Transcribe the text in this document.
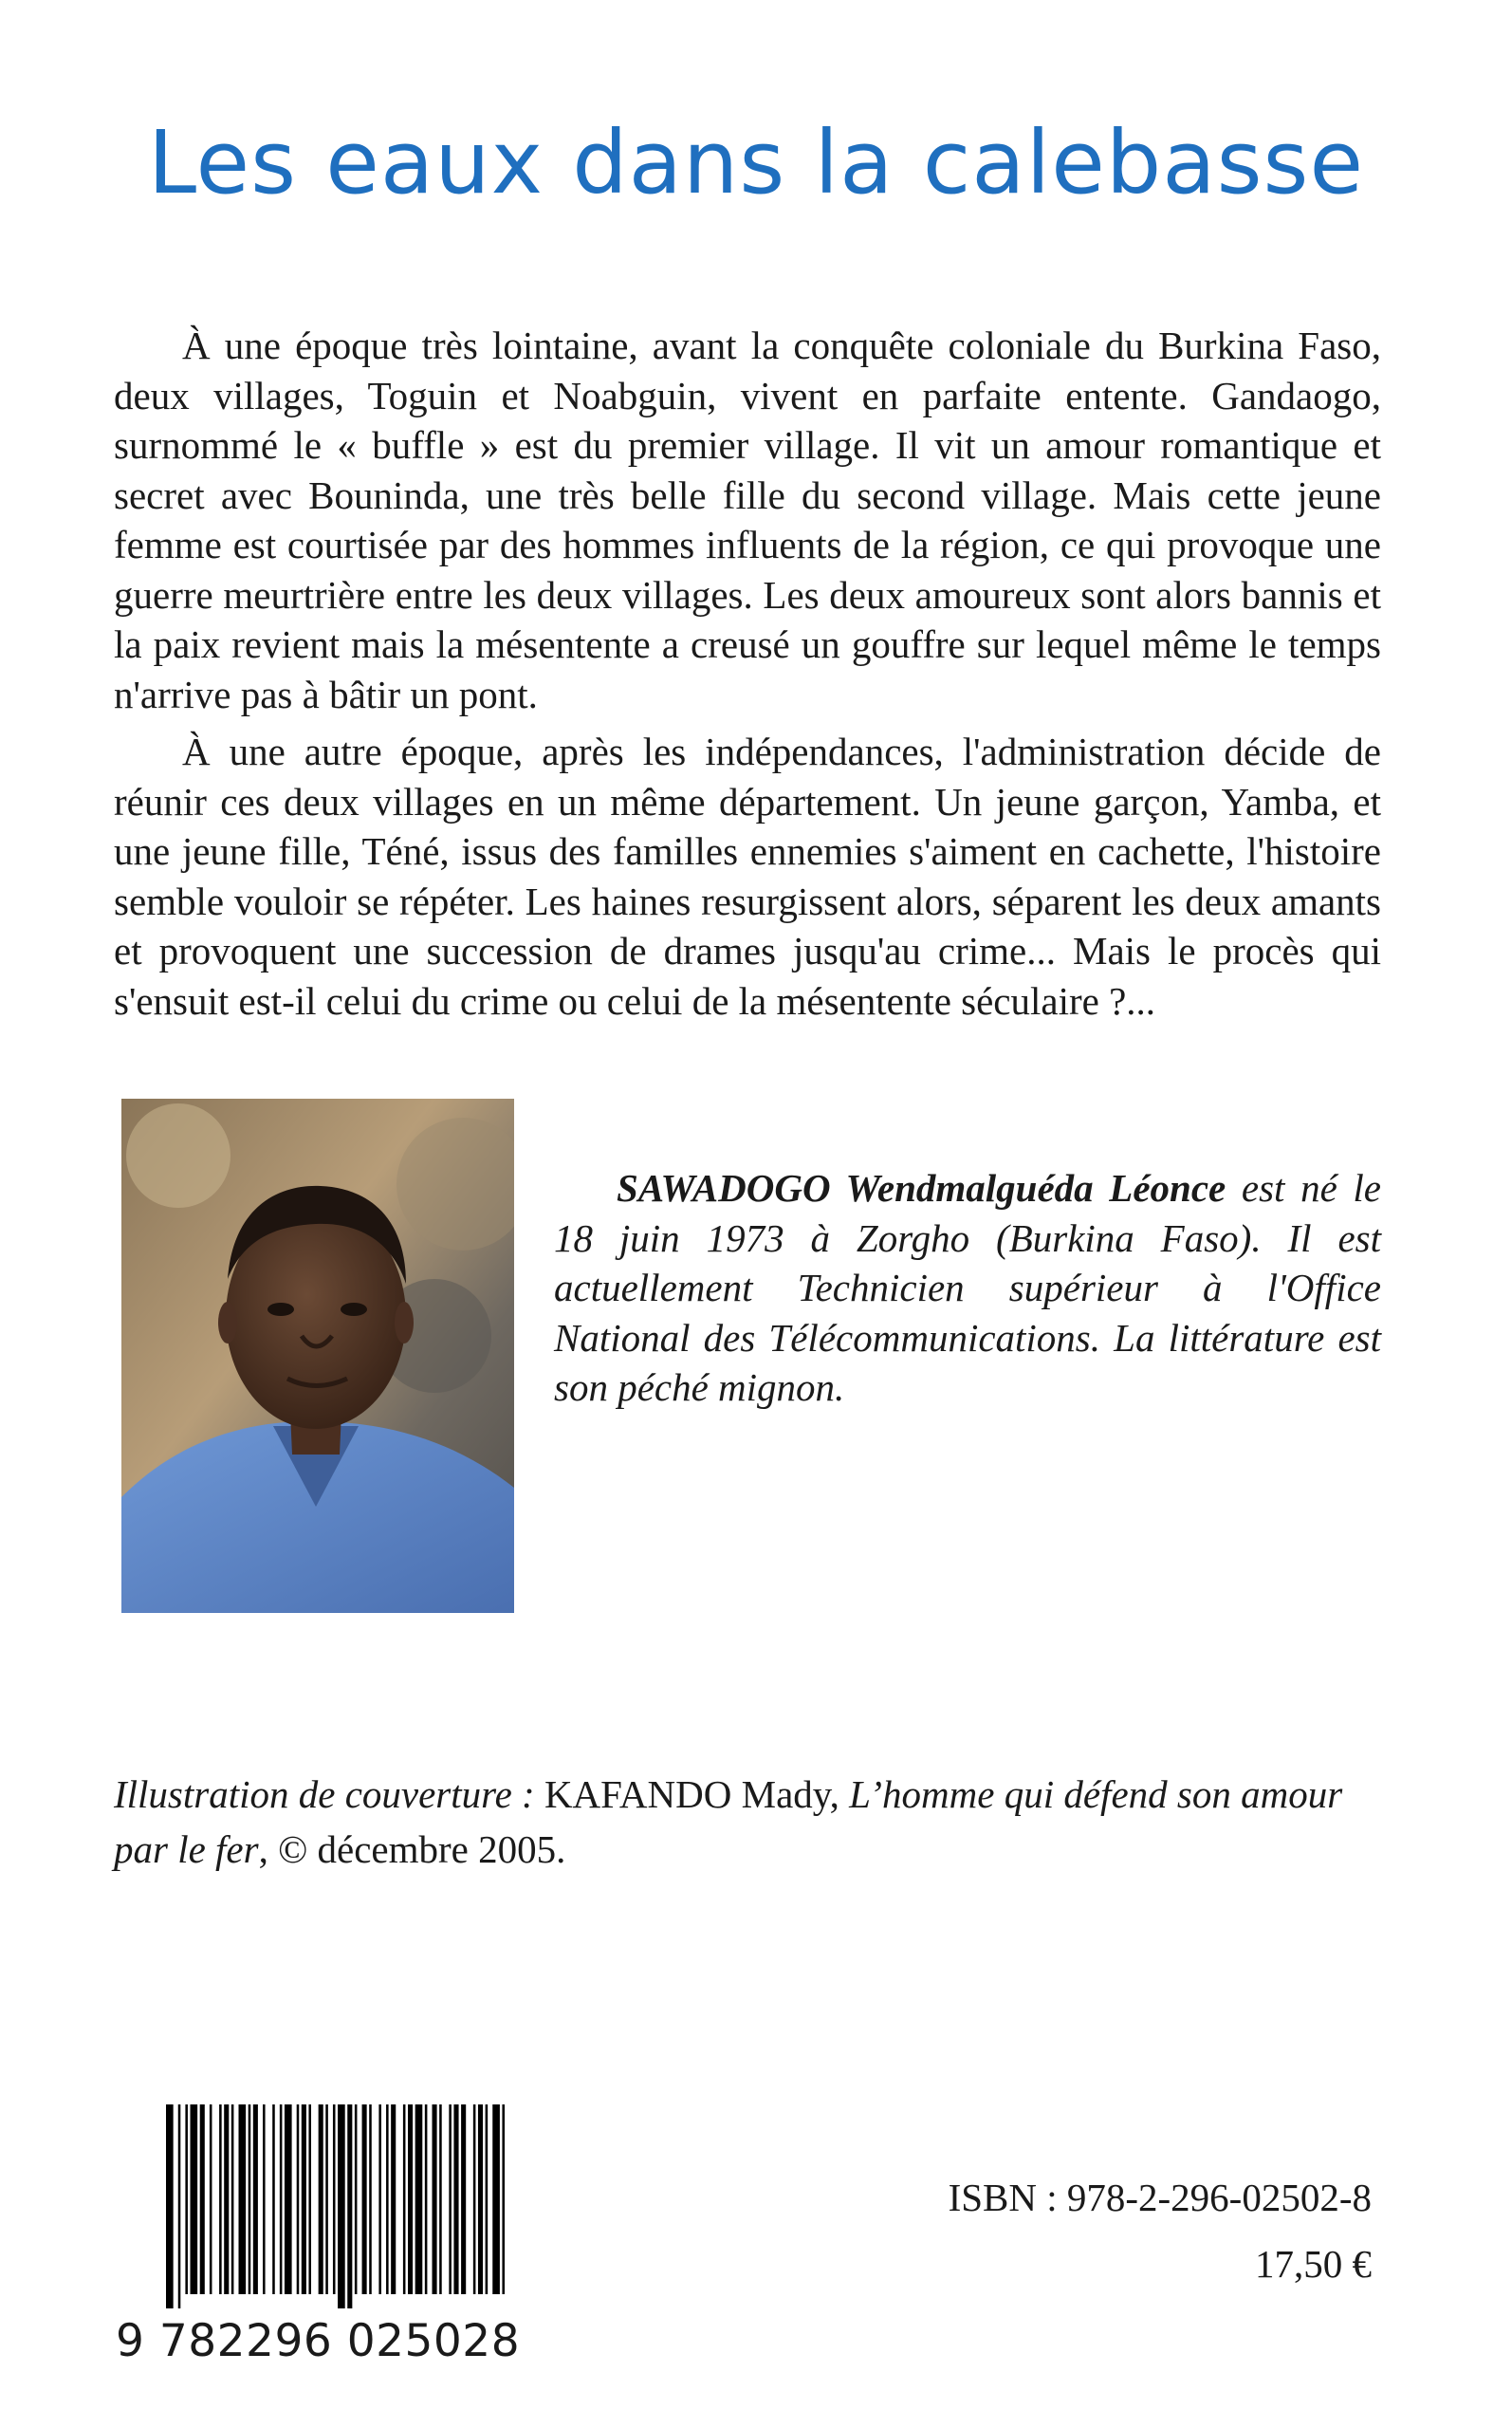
Les eaux dans la calebasse

À une époque très lointaine, avant la conquête coloniale du Burkina Faso, deux villages, Toguin et Noabguin, vivent en parfaite entente. Gandaogo, surnommé le « buffle » est du premier village. Il vit un amour romantique et secret avec Bouninda, une très belle fille du second village. Mais cette jeune femme est courtisée par des hommes influents de la région, ce qui provoque une guerre meurtrière entre les deux villages. Les deux amoureux sont alors bannis et la paix revient mais la mésentente a creusé un gouffre sur lequel même le temps n'arrive pas à bâtir un pont.

À une autre époque, après les indépendances, l'administration décide de réunir ces deux villages en un même département. Un jeune garçon, Yamba, et une jeune fille, Téné, issus des familles ennemies s'aiment en cachette, l'histoire semble vouloir se répéter. Les haines resurgissent alors, séparent les deux amants et provoquent une succession de drames jusqu'au crime... Mais le procès qui s'ensuit est-il celui du crime ou celui de la mésentente séculaire ?...

SAWADOGO Wendmalguéda Léonce est né le 18 juin 1973 à Zorgho (Burkina Faso). Il est actuellement Technicien supérieur à l'Office National des Télécommunications. La littérature est son péché mignon.
Illustration de couverture : KAFANDO Mady, L’homme qui défend son amour par le fer, © décembre 2005.
9 782296 025028
ISBN : 978-2-296-02502-8
17,50 €
